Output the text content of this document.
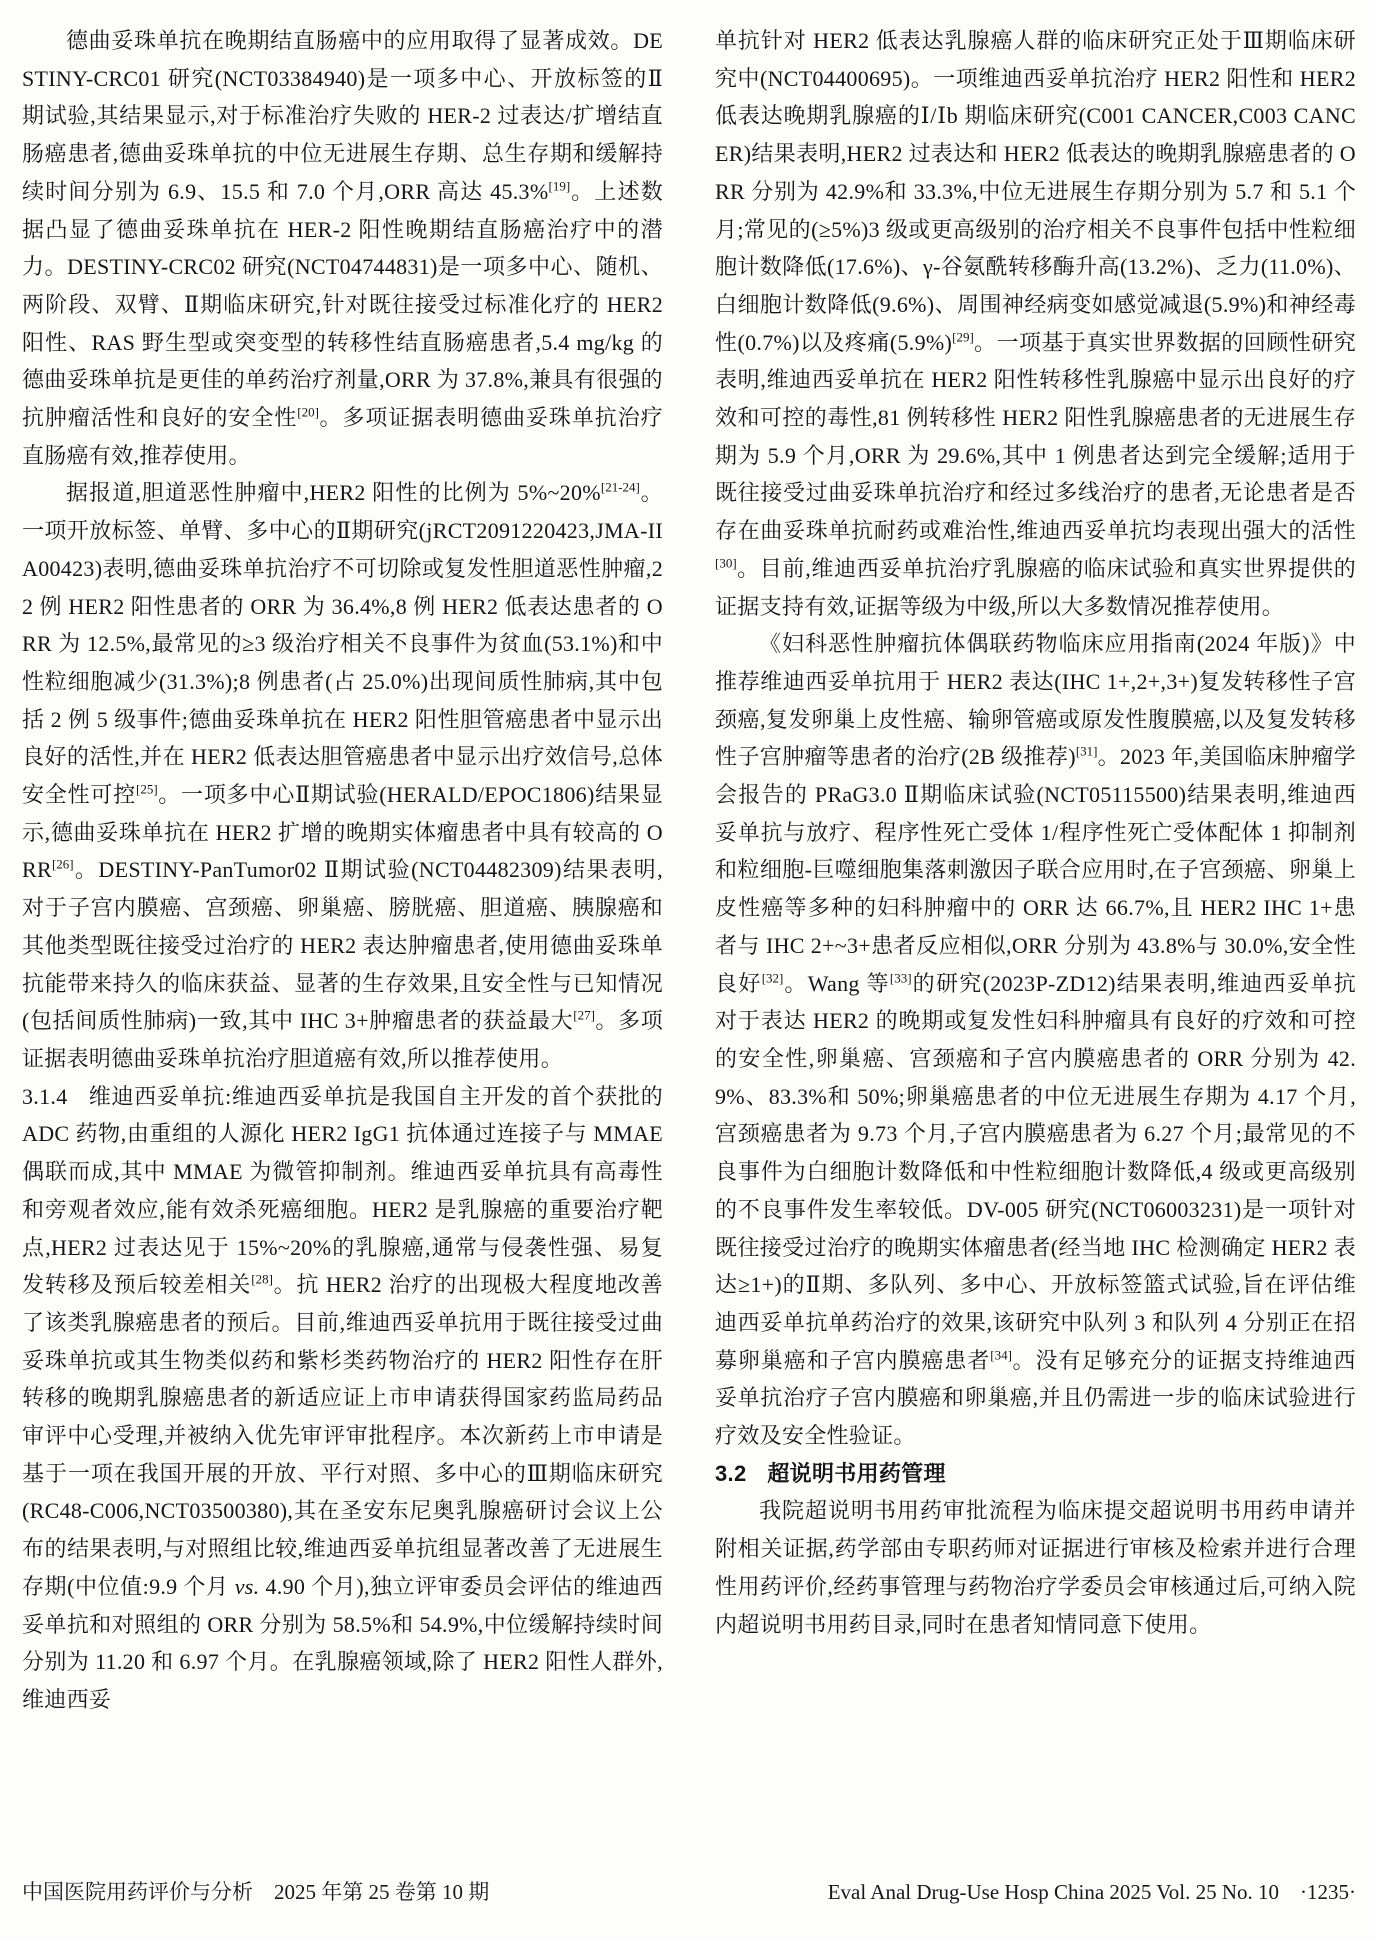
德曲妥珠单抗在晚期结直肠癌中的应用取得了显著成效。DESTINY-CRC01 研究(NCT03384940)是一项多中心、开放标签的Ⅱ期试验,其结果显示,对于标准治疗失败的 HER-2 过表达/扩增结直肠癌患者,德曲妥珠单抗的中位无进展生存期、总生存期和缓解持续时间分别为 6.9、15.5 和 7.0 个月,ORR 高达 45.3%[19]。上述数据凸显了德曲妥珠单抗在 HER-2 阳性晚期结直肠癌治疗中的潜力。DESTINY-CRC02 研究(NCT04744831)是一项多中心、随机、两阶段、双臂、Ⅱ期临床研究,针对既往接受过标准化疗的 HER2 阳性、RAS 野生型或突变型的转移性结直肠癌患者,5.4 mg/kg 的德曲妥珠单抗是更佳的单药治疗剂量,ORR 为 37.8%,兼具有很强的抗肿瘤活性和良好的安全性[20]。多项证据表明德曲妥珠单抗治疗直肠癌有效,推荐使用。

据报道,胆道恶性肿瘤中,HER2 阳性的比例为 5%~20%[21-24]。一项开放标签、单臂、多中心的Ⅱ期研究(jRCT2091220423,JMA-IIA00423)表明,德曲妥珠单抗治疗不可切除或复发性胆道恶性肿瘤,22 例 HER2 阳性患者的 ORR 为 36.4%,8 例 HER2 低表达患者的 ORR 为 12.5%,最常见的≥3 级治疗相关不良事件为贫血(53.1%)和中性粒细胞减少(31.3%);8 例患者(占 25.0%)出现间质性肺病,其中包括 2 例 5 级事件;德曲妥珠单抗在 HER2 阳性胆管癌患者中显示出良好的活性,并在 HER2 低表达胆管癌患者中显示出疗效信号,总体安全性可控[25]。一项多中心Ⅱ期试验(HERALD/EPOC1806)结果显示,德曲妥珠单抗在 HER2 扩增的晚期实体瘤患者中具有较高的 ORR[26]。DESTINY-PanTumor02 Ⅱ期试验(NCT04482309)结果表明,对于子宫内膜癌、宫颈癌、卵巢癌、膀胱癌、胆道癌、胰腺癌和其他类型既往接受过治疗的 HER2 表达肿瘤患者,使用德曲妥珠单抗能带来持久的临床获益、显著的生存效果,且安全性与已知情况(包括间质性肺病)一致,其中 IHC 3+肿瘤患者的获益最大[27]。多项证据表明德曲妥珠单抗治疗胆道癌有效,所以推荐使用。

3.1.4 维迪西妥单抗:维迪西妥单抗是我国自主开发的首个获批的 ADC 药物,由重组的人源化 HER2 IgG1 抗体通过连接子与 MMAE 偶联而成,其中 MMAE 为微管抑制剂。维迪西妥单抗具有高毒性和旁观者效应,能有效杀死癌细胞。HER2 是乳腺癌的重要治疗靶点,HER2 过表达见于 15%~20%的乳腺癌,通常与侵袭性强、易复发转移及预后较差相关[28]。抗 HER2 治疗的出现极大程度地改善了该类乳腺癌患者的预后。目前,维迪西妥单抗用于既往接受过曲妥珠单抗或其生物类似药和紫杉类药物治疗的 HER2 阳性存在肝转移的晚期乳腺癌患者的新适应证上市申请获得国家药监局药品审评中心受理,并被纳入优先审评审批程序。本次新药上市申请是基于一项在我国开展的开放、平行对照、多中心的Ⅲ期临床研究(RC48-C006,NCT03500380),其在圣安东尼奥乳腺癌研讨会议上公布的结果表明,与对照组比较,维迪西妥单抗组显著改善了无进展生存期(中位值:9.9 个月 vs. 4.90 个月),独立评审委员会评估的维迪西妥单抗和对照组的 ORR 分别为 58.5%和 54.9%,中位缓解持续时间分别为 11.20 和 6.97 个月。在乳腺癌领域,除了 HER2 阳性人群外,维迪西妥

单抗针对 HER2 低表达乳腺癌人群的临床研究正处于Ⅲ期临床研究中(NCT04400695)。一项维迪西妥单抗治疗 HER2 阳性和 HER2 低表达晚期乳腺癌的Ⅰ/Ⅰb 期临床研究(C001 CANCER,C003 CANCER)结果表明,HER2 过表达和 HER2 低表达的晚期乳腺癌患者的 ORR 分别为 42.9%和 33.3%,中位无进展生存期分别为 5.7 和 5.1 个月;常见的(≥5%)3 级或更高级别的治疗相关不良事件包括中性粒细胞计数降低(17.6%)、γ-谷氨酰转移酶升高(13.2%)、乏力(11.0%)、白细胞计数降低(9.6%)、周围神经病变如感觉减退(5.9%)和神经毒性(0.7%)以及疼痛(5.9%)[29]。一项基于真实世界数据的回顾性研究表明,维迪西妥单抗在 HER2 阳性转移性乳腺癌中显示出良好的疗效和可控的毒性,81 例转移性 HER2 阳性乳腺癌患者的无进展生存期为 5.9 个月,ORR 为 29.6%,其中 1 例患者达到完全缓解;适用于既往接受过曲妥珠单抗治疗和经过多线治疗的患者,无论患者是否存在曲妥珠单抗耐药或难治性,维迪西妥单抗均表现出强大的活性[30]。目前,维迪西妥单抗治疗乳腺癌的临床试验和真实世界提供的证据支持有效,证据等级为中级,所以大多数情况推荐使用。

《妇科恶性肿瘤抗体偶联药物临床应用指南(2024 年版)》中推荐维迪西妥单抗用于 HER2 表达(IHC 1+,2+,3+)复发转移性子宫颈癌,复发卵巢上皮性癌、输卵管癌或原发性腹膜癌,以及复发转移性子宫肿瘤等患者的治疗(2B 级推荐)[31]。2023 年,美国临床肿瘤学会报告的 PRaG3.0 Ⅱ期临床试验(NCT05115500)结果表明,维迪西妥单抗与放疗、程序性死亡受体 1/程序性死亡受体配体 1 抑制剂和粒细胞-巨噬细胞集落刺激因子联合应用时,在子宫颈癌、卵巢上皮性癌等多种的妇科肿瘤中的 ORR 达 66.7%,且 HER2 IHC 1+患者与 IHC 2+~3+患者反应相似,ORR 分别为 43.8%与 30.0%,安全性良好[32]。Wang 等[33]的研究(2023P-ZD12)结果表明,维迪西妥单抗对于表达 HER2 的晚期或复发性妇科肿瘤具有良好的疗效和可控的安全性,卵巢癌、宫颈癌和子宫内膜癌患者的 ORR 分别为 42.9%、83.3%和 50%;卵巢癌患者的中位无进展生存期为 4.17 个月,宫颈癌患者为 9.73 个月,子宫内膜癌患者为 6.27 个月;最常见的不良事件为白细胞计数降低和中性粒细胞计数降低,4 级或更高级别的不良事件发生率较低。DV-005 研究(NCT06003231)是一项针对既往接受过治疗的晚期实体瘤患者(经当地 IHC 检测确定 HER2 表达≥1+)的Ⅱ期、多队列、多中心、开放标签篮式试验,旨在评估维迪西妥单抗单药治疗的效果,该研究中队列 3 和队列 4 分别正在招募卵巢癌和子宫内膜癌患者[34]。没有足够充分的证据支持维迪西妥单抗治疗子宫内膜癌和卵巢癌,并且仍需进一步的临床试验进行疗效及安全性验证。

3.2 超说明书用药管理

我院超说明书用药审批流程为临床提交超说明书用药申请并附相关证据,药学部由专职药师对证据进行审核及检索并进行合理性用药评价,经药事管理与药物治疗学委员会审核通过后,可纳入院内超说明书用药目录,同时在患者知情同意下使用。

中国医院用药评价与分析　2025 年第 25 卷第 10 期	Eval Anal Drug-Use Hosp China 2025 Vol. 25 No. 10　·1235·
